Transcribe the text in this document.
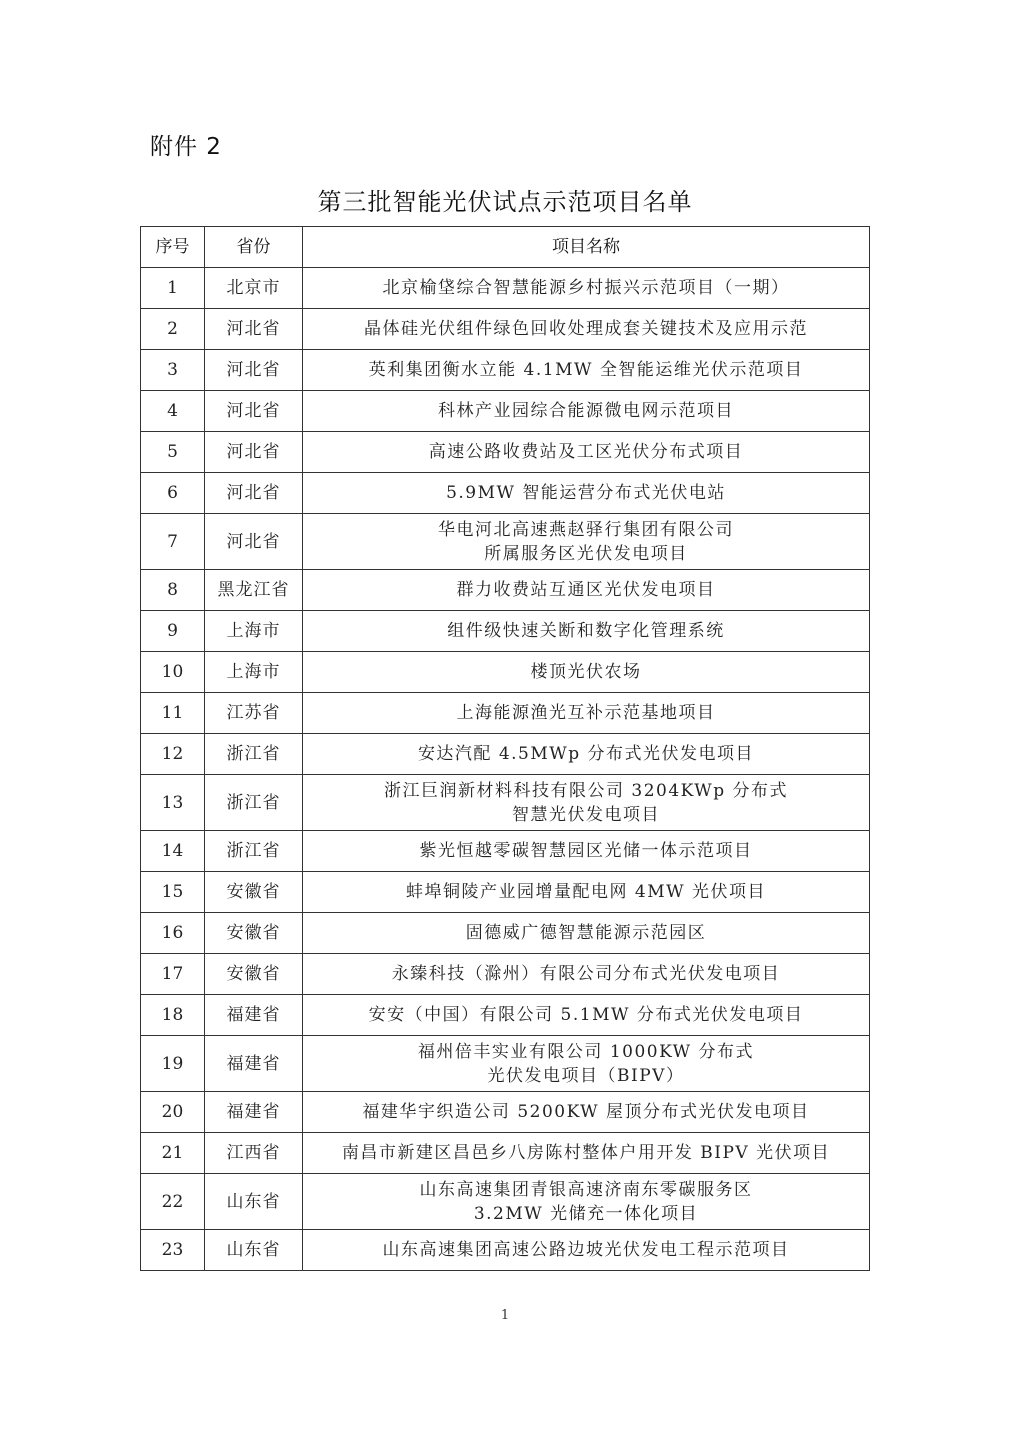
附件 2
第三批智能光伏试点示范项目名单
序号	省份	项目名称
1	北京市	北京榆垡综合智慧能源乡村振兴示范项目（一期）

2	河北省	晶体硅光伏组件绿色回收处理成套关键技术及应用示范

3	河北省	英利集团衡水立能 4.1MW 全智能运维光伏示范项目

4	河北省	科林产业园综合能源微电网示范项目

5	河北省	高速公路收费站及工区光伏分布式项目

6	河北省	5.9MW 智能运营分布式光伏电站

7	河北省	华电河北高速燕赵驿行集团有限公司
所属服务区光伏发电项目

8	黑龙江省	群力收费站互通区光伏发电项目

9	上海市	组件级快速关断和数字化管理系统

10	上海市	楼顶光伏农场

11	江苏省	上海能源渔光互补示范基地项目

12	浙江省	安达汽配 4.5MWp 分布式光伏发电项目

13	浙江省	浙江巨润新材料科技有限公司 3204KWp 分布式
智慧光伏发电项目

14	浙江省	紫光恒越零碳智慧园区光储一体示范项目

15	安徽省	蚌埠铜陵产业园增量配电网 4MW 光伏项目

16	安徽省	固德威广德智慧能源示范园区

17	安徽省	永臻科技（滁州）有限公司分布式光伏发电项目

18	福建省	安安（中国）有限公司 5.1MW 分布式光伏发电项目

19	福建省	福州倍丰实业有限公司 1000KW 分布式
光伏发电项目（BIPV）

20	福建省	福建华宇织造公司 5200KW 屋顶分布式光伏发电项目

21	江西省	南昌市新建区昌邑乡八房陈村整体户用开发 BIPV 光伏项目

22	山东省	山东高速集团青银高速济南东零碳服务区
3.2MW 光储充一体化项目

23	山东省	山东高速集团高速公路边坡光伏发电工程示范项目
1
